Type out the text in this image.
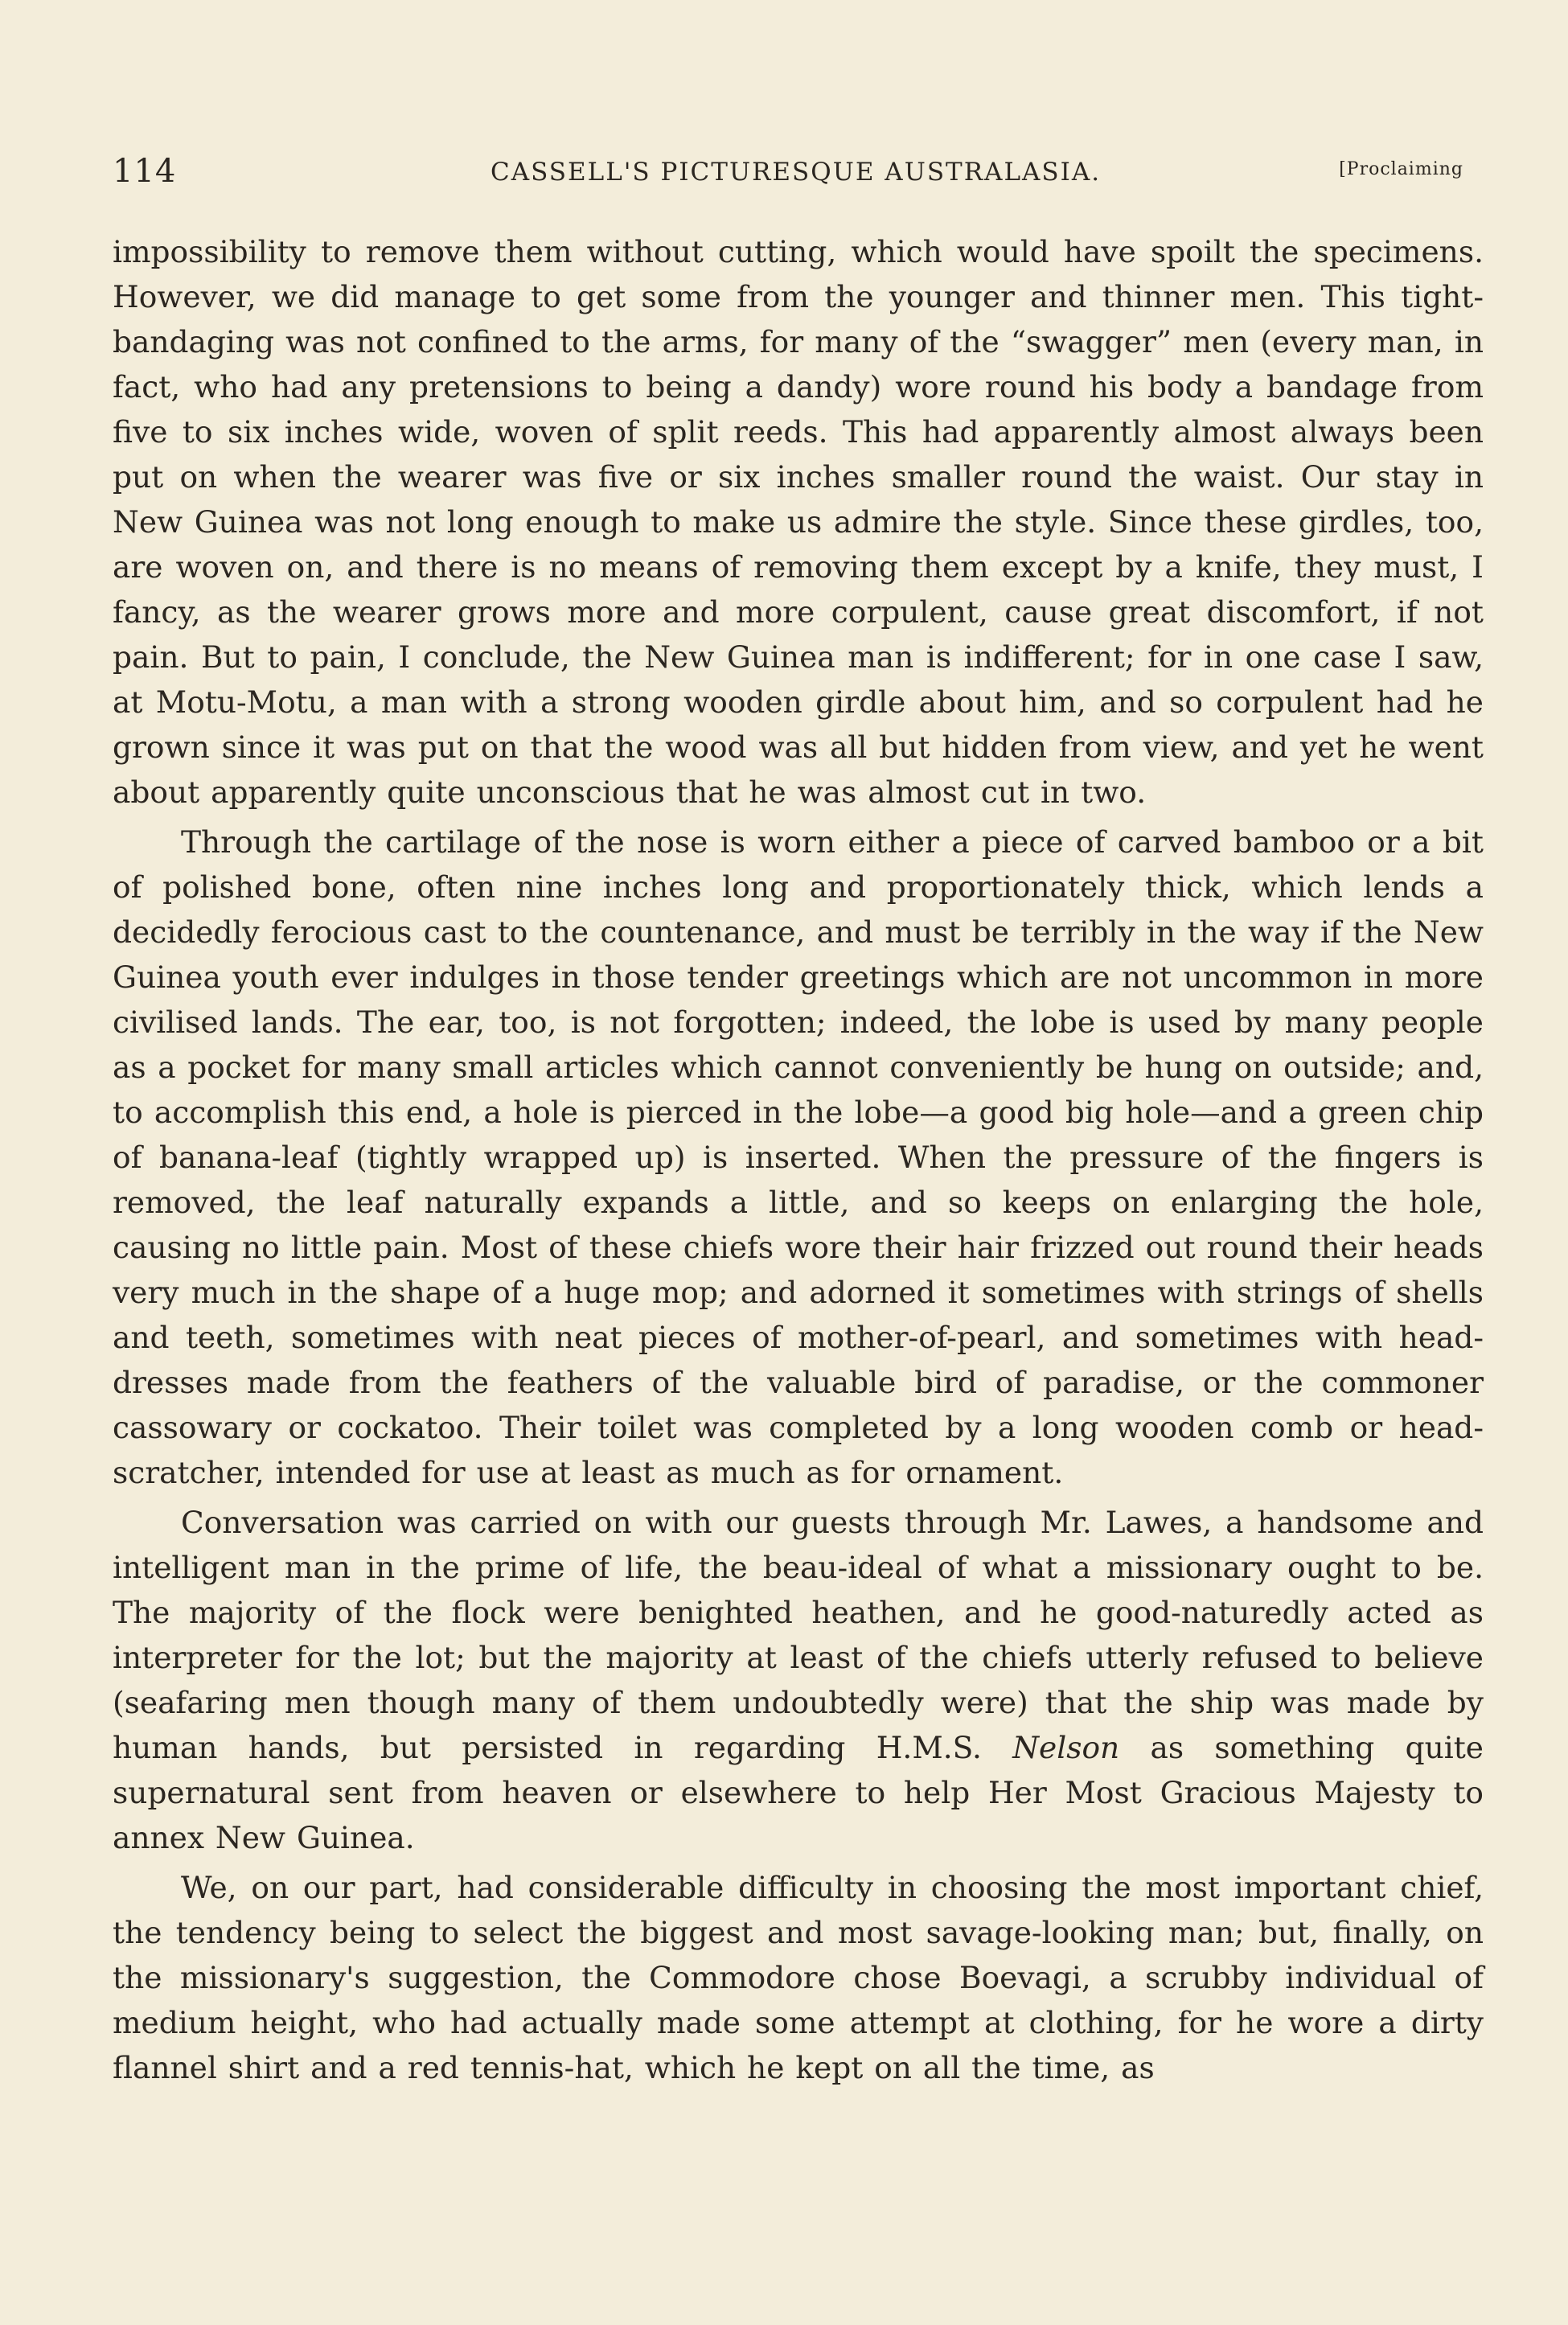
114	CASSELL'S PICTURESQUE AUSTRALASIA.	[Proclaiming

impossibility to remove them without cutting, which would have spoilt the specimens. However, we did manage to get some from the younger and thinner men. This tight-bandaging was not confined to the arms, for many of the “swagger” men (every man, in fact, who had any pretensions to being a dandy) wore round his body a bandage from five to six inches wide, woven of split reeds. This had apparently almost always been put on when the wearer was five or six inches smaller round the waist. Our stay in New Guinea was not long enough to make us admire the style. Since these girdles, too, are woven on, and there is no means of removing them except by a knife, they must, I fancy, as the wearer grows more and more corpulent, cause great discomfort, if not pain. But to pain, I conclude, the New Guinea man is indifferent; for in one case I saw, at Motu-Motu, a man with a strong wooden girdle about him, and so corpulent had he grown since it was put on that the wood was all but hidden from view, and yet he went about apparently quite unconscious that he was almost cut in two.

Through the cartilage of the nose is worn either a piece of carved bamboo or a bit of polished bone, often nine inches long and proportionately thick, which lends a decidedly ferocious cast to the countenance, and must be terribly in the way if the New Guinea youth ever indulges in those tender greetings which are not uncommon in more civilised lands. The ear, too, is not forgotten; indeed, the lobe is used by many people as a pocket for many small articles which cannot conveniently be hung on outside; and, to accomplish this end, a hole is pierced in the lobe—a good big hole—and a green chip of banana-leaf (tightly wrapped up) is inserted. When the pressure of the fingers is removed, the leaf naturally expands a little, and so keeps on enlarging the hole, causing no little pain. Most of these chiefs wore their hair frizzed out round their heads very much in the shape of a huge mop; and adorned it sometimes with strings of shells and teeth, sometimes with neat pieces of mother-of-pearl, and sometimes with head-dresses made from the feathers of the valuable bird of paradise, or the commoner cassowary or cockatoo. Their toilet was completed by a long wooden comb or head-scratcher, intended for use at least as much as for ornament.

Conversation was carried on with our guests through Mr. Lawes, a handsome and intelligent man in the prime of life, the beau-ideal of what a missionary ought to be. The majority of the flock were benighted heathen, and he good-naturedly acted as interpreter for the lot; but the majority at least of the chiefs utterly refused to believe (seafaring men though many of them undoubtedly were) that the ship was made by human hands, but persisted in regarding H.M.S. Nelson as something quite supernatural sent from heaven or elsewhere to help Her Most Gracious Majesty to annex New Guinea.

We, on our part, had considerable difficulty in choosing the most important chief, the tendency being to select the biggest and most savage-looking man; but, finally, on the missionary's suggestion, the Commodore chose Boevagi, a scrubby individual of medium height, who had actually made some attempt at clothing, for he wore a dirty flannel shirt and a red tennis-hat, which he kept on all the time, as
